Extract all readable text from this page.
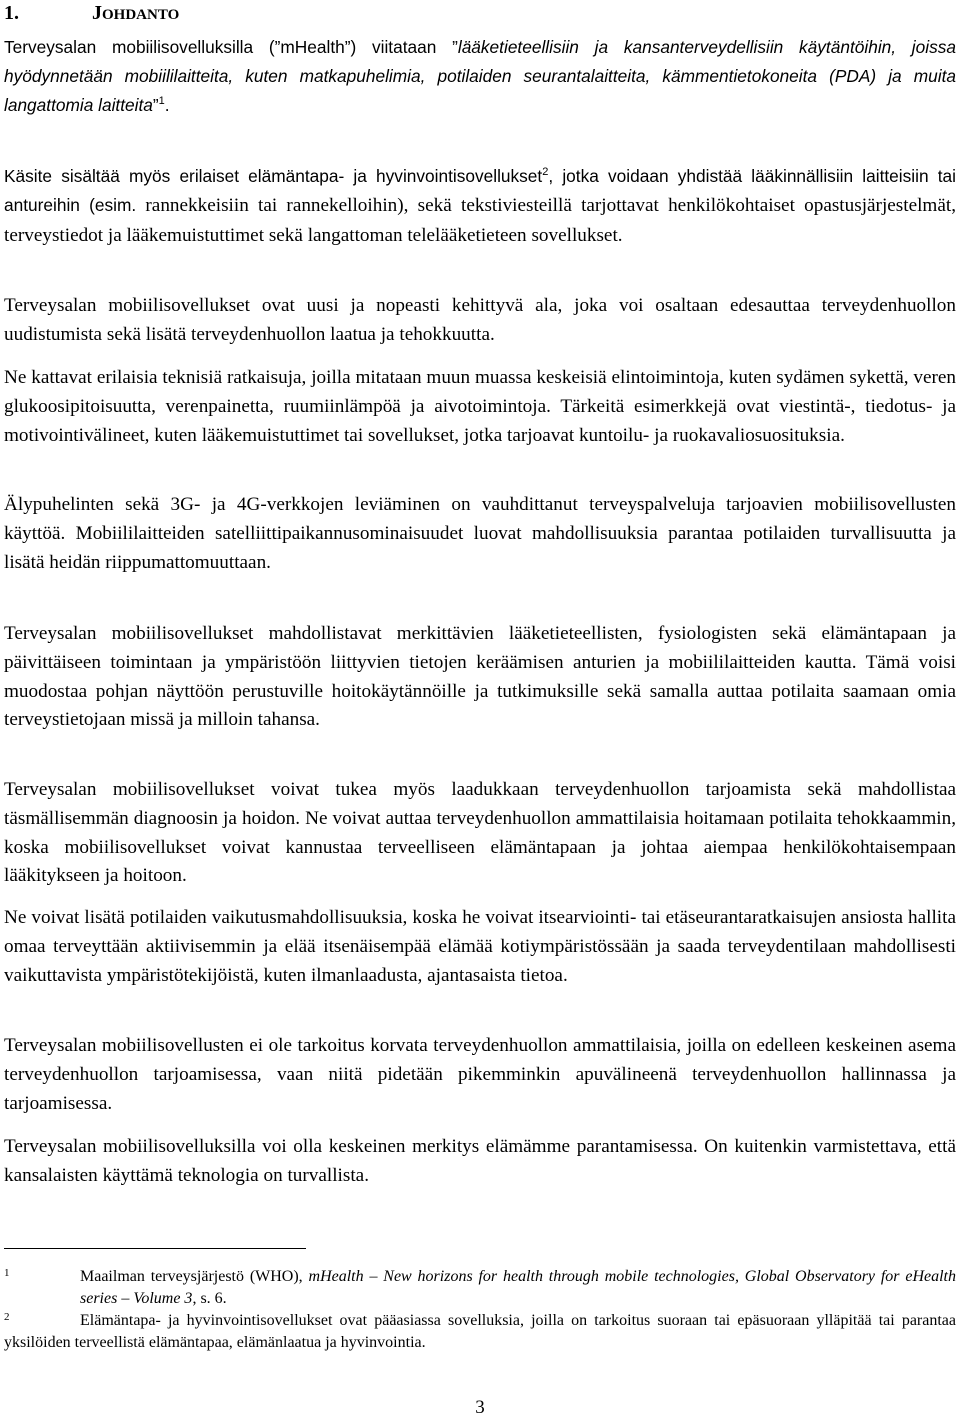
1.	JOHDANTO

Terveysalan mobiilisovelluksilla (”mHealth”) viitataan ”lääketieteellisiin ja kansanterveydellisiin käytäntöihin, joissa hyödynnetään mobiililaitteita, kuten matkapuhelimia, potilaiden seurantalaitteita, kämmentietokoneita (PDA) ja muita langattomia laitteita”$^1$.

Käsite sisältää myös erilaiset elämäntapa- ja hyvinvointisovellukset$^2$, jotka voidaan yhdistää lääkinnällisiin laitteisiin tai antureihin (esim. rannekkeisiin tai rannekelloihin), sekä tekstiviesteillä tarjottavat henkilökohtaiset opastusjärjestelmät, terveystiedot ja lääkemuistuttimet sekä langattoman telelääketieteen sovellukset.

Terveysalan mobiilisovellukset ovat uusi ja nopeasti kehittyvä ala, joka voi osaltaan edesauttaa terveydenhuollon uudistumista sekä lisätä terveydenhuollon laatua ja tehokkuutta.

Ne kattavat erilaisia teknisiä ratkaisuja, joilla mitataan muun muassa keskeisiä elintoimintoja, kuten sydämen sykettä, veren glukoosipitoisuutta, verenpainetta, ruumiinlämpöä ja aivotoimintoja. Tärkeitä esimerkkejä ovat viestintä-, tiedotus- ja motivointivälineet, kuten lääkemuistuttimet tai sovellukset, jotka tarjoavat kuntoilu- ja ruokavaliosuosituksia.

Älypuhelinten sekä 3G- ja 4G-verkkojen leviäminen on vauhdittanut terveyspalveluja tarjoavien mobiilisovellusten käyttöä. Mobiililaitteiden satelliittipaikannusominaisuudet luovat mahdollisuuksia parantaa potilaiden turvallisuutta ja lisätä heidän riippumattomuuttaan.

Terveysalan mobiilisovellukset mahdollistavat merkittävien lääketieteellisten, fysiologisten sekä elämäntapaan ja päivittäiseen toimintaan ja ympäristöön liittyvien tietojen keräämisen anturien ja mobiililaitteiden kautta. Tämä voisi muodostaa pohjan näyttöön perustuville hoitokäytännöille ja tutkimuksille sekä samalla auttaa potilaita saamaan omia terveystietojaan missä ja milloin tahansa.

Terveysalan mobiilisovellukset voivat tukea myös laadukkaan terveydenhuollon tarjoamista sekä mahdollistaa täsmällisemmän diagnoosin ja hoidon. Ne voivat auttaa terveydenhuollon ammattilaisia hoitamaan potilaita tehokkaammin, koska mobiilisovellukset voivat kannustaa terveelliseen elämäntapaan ja johtaa aiempaa henkilökohtaisempaan lääkitykseen ja hoitoon.

Ne voivat lisätä potilaiden vaikutusmahdollisuuksia, koska he voivat itsearviointi- tai etäseurantaratkaisujen ansiosta hallita omaa terveyttään aktiivisemmin ja elää itsenäisempää elämää kotiympäristössään ja saada terveydentilaan mahdollisesti vaikuttavista ympäristötekijöistä, kuten ilmanlaadusta, ajantasaista tietoa.

Terveysalan mobiilisovellusten ei ole tarkoitus korvata terveydenhuollon ammattilaisia, joilla on edelleen keskeinen asema terveydenhuollon tarjoamisessa, vaan niitä pidetään pikemminkin apuvälineenä terveydenhuollon hallinnassa ja tarjoamisessa.

Terveysalan mobiilisovelluksilla voi olla keskeinen merkitys elämämme parantamisessa. On kuitenkin varmistettava, että kansalaisten käyttämä teknologia on turvallista.

1	Maailman terveysjärjestö (WHO), mHealth – New horizons for health through mobile technologies, Global Observatory for eHealth series – Volume 3, s. 6.
2	Elämäntapa- ja hyvinvointisovellukset ovat pääasiassa sovelluksia, joilla on tarkoitus suoraan tai epäsuoraan ylläpitää tai parantaa yksilöiden terveellistä elämäntapaa, elämänlaatua ja hyvinvointia.
3
